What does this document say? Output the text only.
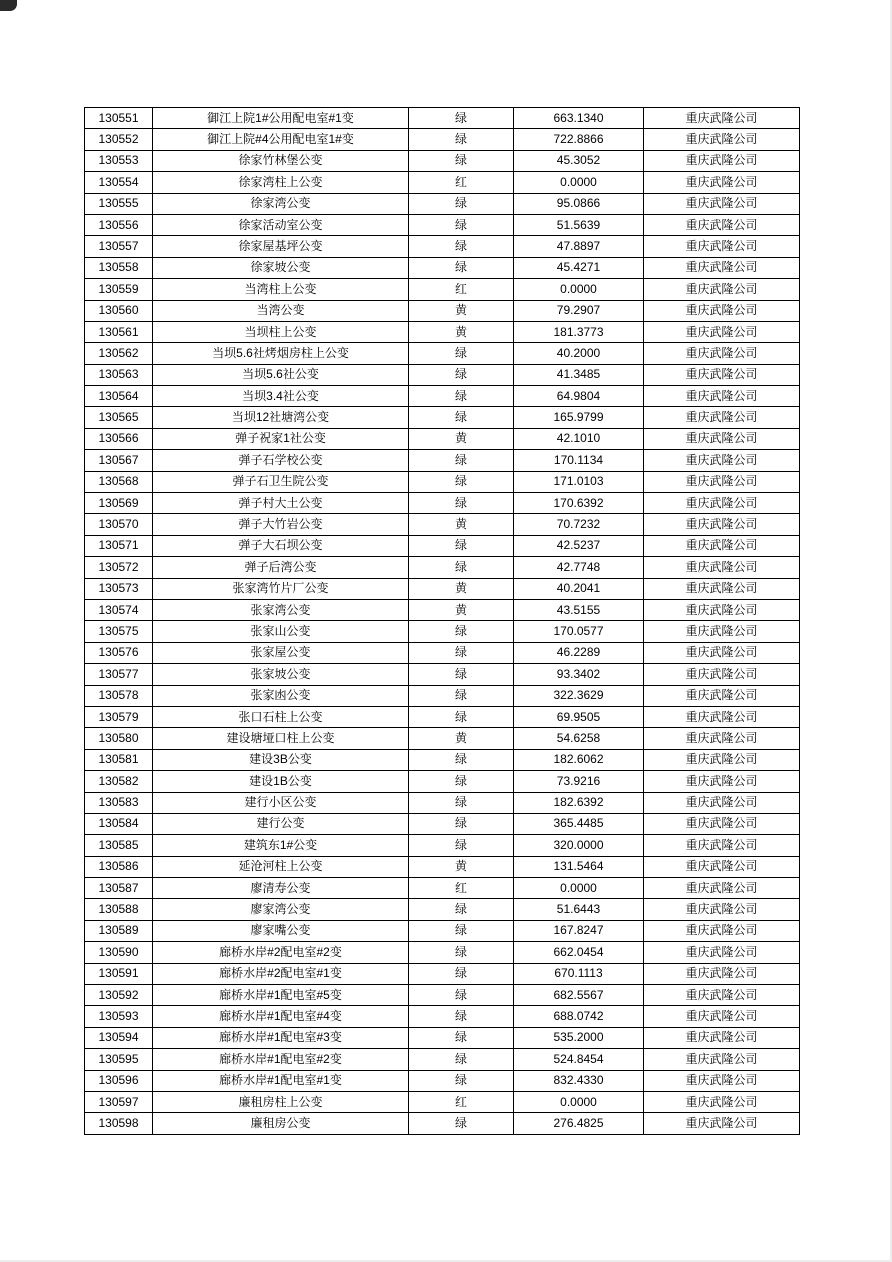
130551	御江上院1#公用配电室#1变	绿	663.1340	重庆武隆公司
130552	御江上院#4公用配电室1#变	绿	722.8866	重庆武隆公司
130553	徐家竹林堡公变	绿	45.3052	重庆武隆公司
130554	徐家湾柱上公变	红	0.0000	重庆武隆公司
130555	徐家湾公变	绿	95.0866	重庆武隆公司
130556	徐家活动室公变	绿	51.5639	重庆武隆公司
130557	徐家屋基坪公变	绿	47.8897	重庆武隆公司
130558	徐家坡公变	绿	45.4271	重庆武隆公司
130559	当湾柱上公变	红	0.0000	重庆武隆公司
130560	当湾公变	黄	79.2907	重庆武隆公司
130561	当坝柱上公变	黄	181.3773	重庆武隆公司
130562	当坝5.6社烤烟房柱上公变	绿	40.2000	重庆武隆公司
130563	当坝5.6社公变	绿	41.3485	重庆武隆公司
130564	当坝3.4社公变	绿	64.9804	重庆武隆公司
130565	当坝12社塘湾公变	绿	165.9799	重庆武隆公司
130566	弹子祝家1社公变	黄	42.1010	重庆武隆公司
130567	弹子石学校公变	绿	170.1134	重庆武隆公司
130568	弹子石卫生院公变	绿	171.0103	重庆武隆公司
130569	弹子村大土公变	绿	170.6392	重庆武隆公司
130570	弹子大竹岩公变	黄	70.7232	重庆武隆公司
130571	弹子大石坝公变	绿	42.5237	重庆武隆公司
130572	弹子后湾公变	绿	42.7748	重庆武隆公司
130573	张家湾竹片厂公变	黄	40.2041	重庆武隆公司
130574	张家湾公变	黄	43.5155	重庆武隆公司
130575	张家山公变	绿	170.0577	重庆武隆公司
130576	张家屋公变	绿	46.2289	重庆武隆公司
130577	张家坡公变	绿	93.3402	重庆武隆公司
130578	张家凼公变	绿	322.3629	重庆武隆公司
130579	张口石柱上公变	绿	69.9505	重庆武隆公司
130580	建设塘垭口柱上公变	黄	54.6258	重庆武隆公司
130581	建设3B公变	绿	182.6062	重庆武隆公司
130582	建设1B公变	绿	73.9216	重庆武隆公司
130583	建行小区公变	绿	182.6392	重庆武隆公司
130584	建行公变	绿	365.4485	重庆武隆公司
130585	建筑东1#公变	绿	320.0000	重庆武隆公司
130586	延沧河柱上公变	黄	131.5464	重庆武隆公司
130587	廖清寿公变	红	0.0000	重庆武隆公司
130588	廖家湾公变	绿	51.6443	重庆武隆公司
130589	廖家嘴公变	绿	167.8247	重庆武隆公司
130590	廊桥水岸#2配电室#2变	绿	662.0454	重庆武隆公司
130591	廊桥水岸#2配电室#1变	绿	670.1113	重庆武隆公司
130592	廊桥水岸#1配电室#5变	绿	682.5567	重庆武隆公司
130593	廊桥水岸#1配电室#4变	绿	688.0742	重庆武隆公司
130594	廊桥水岸#1配电室#3变	绿	535.2000	重庆武隆公司
130595	廊桥水岸#1配电室#2变	绿	524.8454	重庆武隆公司
130596	廊桥水岸#1配电室#1变	绿	832.4330	重庆武隆公司
130597	廉租房柱上公变	红	0.0000	重庆武隆公司
130598	廉租房公变	绿	276.4825	重庆武隆公司
